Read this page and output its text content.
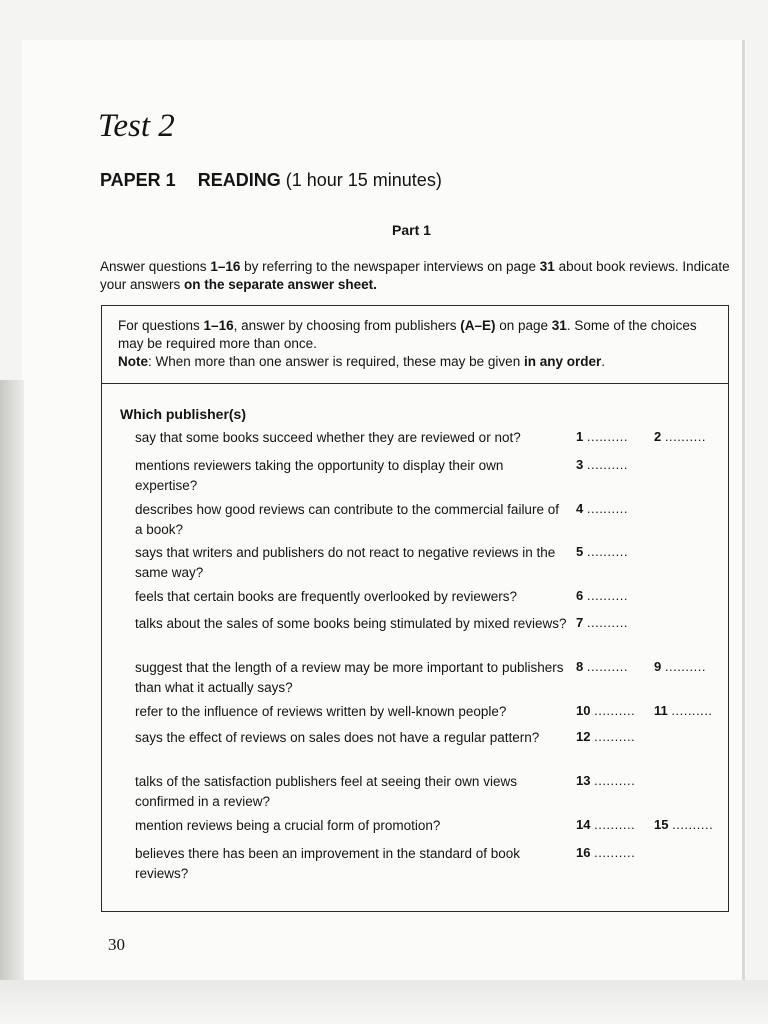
Test 2
PAPER 1 READING (1 hour 15 minutes)
Part 1
Answer questions 1–16 by referring to the newspaper interviews on page 31 about book reviews. Indicate your answers on the separate answer sheet.
For questions 1–16, answer by choosing from publishers (A–E) on page 31. Some of the choices may be required more than once.
Note: When more than one answer is required, these may be given in any order.
Which publisher(s)
say that some books succeed whether they are reviewed or not?	1 .......... 2 ..........
mentions reviewers taking the opportunity to display their own expertise?
3 ..........
describes how good reviews can contribute to the commercial failure of a book?
4 ..........
says that writers and publishers do not react to negative reviews in the same way?
5 ..........
feels that certain books are frequently overlooked by reviewers?	6 ..........
talks about the sales of some books being stimulated by mixed reviews? 7 ..........
suggest that the length of a review may be more important to publishers than what it actually says?
8 .......... 9 ..........
refer to the influence of reviews written by well-known people?	10 .......... 11 ..........
says the effect of reviews on sales does not have a regular pattern?	12 ..........
talks of the satisfaction publishers feel at seeing their own views confirmed in a review?
13 ..........
mention reviews being a crucial form of promotion?	14 .......... 15 ..........
believes there has been an improvement in the standard of book reviews?
16 ..........
30
